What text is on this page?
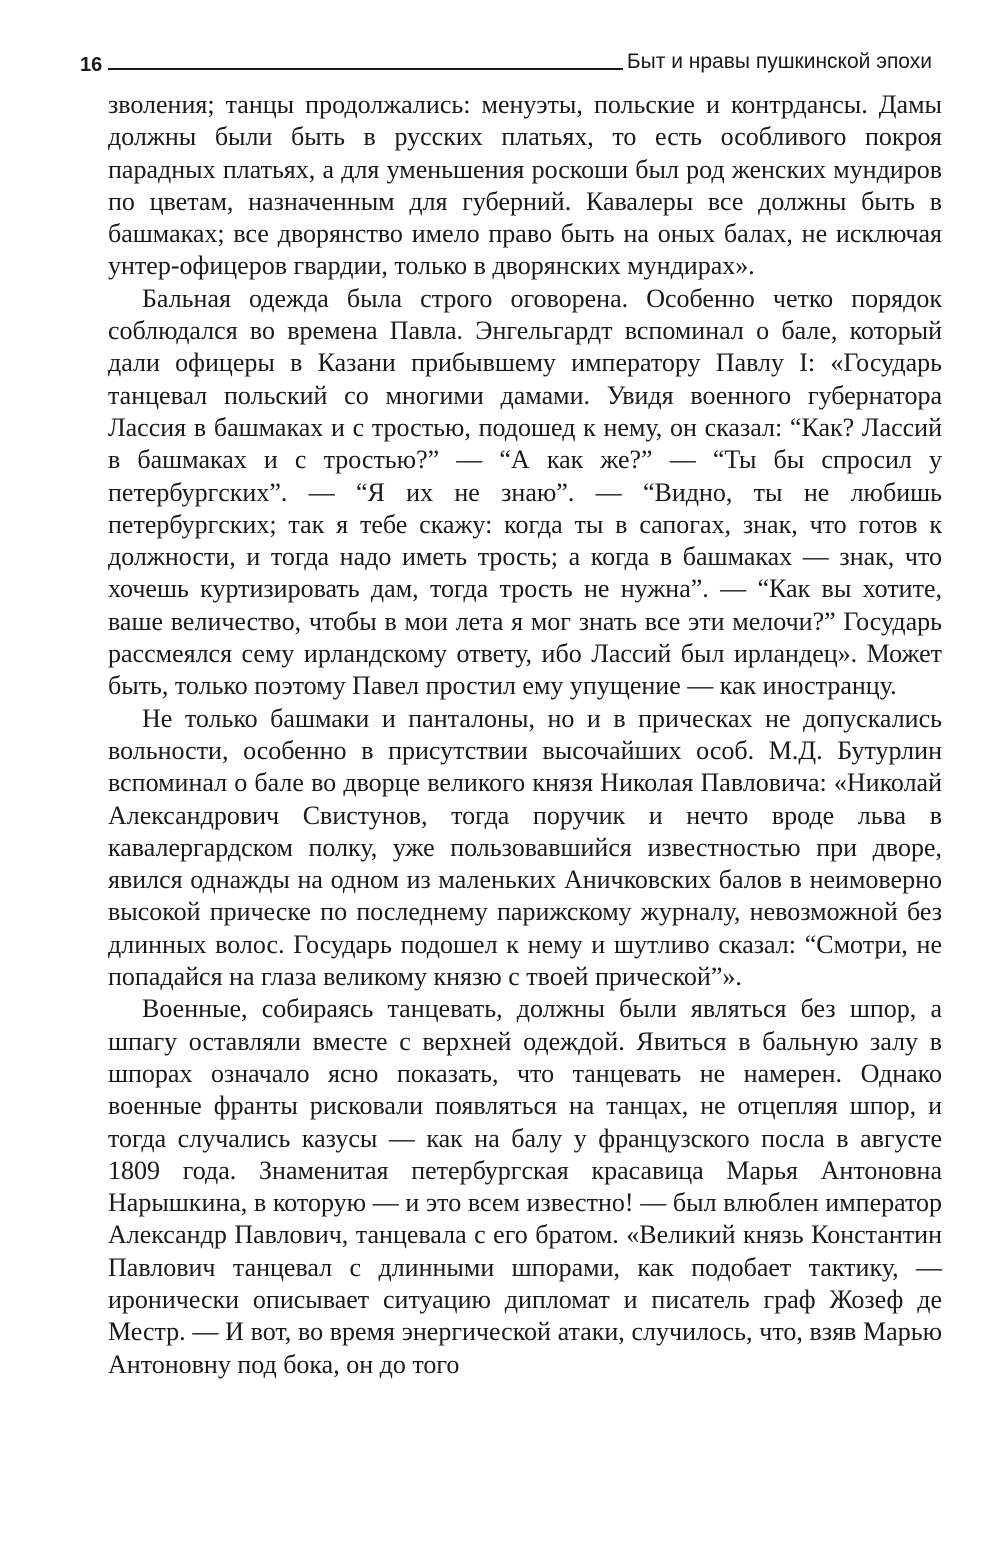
16	Быт и нравы пушкинской эпохи

зволения; танцы продолжались: менуэты, польские и контрдансы. Дамы должны были быть в русских платьях, то есть особливого покроя парадных платьях, а для уменьшения роскоши был род женских мундиров по цветам, назначенным для губерний. Кавалеры все должны быть в башмаках; все дворянство имело право быть на оных балах, не исключая унтер-офицеров гвардии, только в дворянских мундирах».

Бальная одежда была строго оговорена. Особенно четко порядок соблюдался во времена Павла. Энгельгардт вспоминал о бале, который дали офицеры в Казани прибывшему императору Павлу I: «Государь танцевал польский со многими дамами. Увидя военного губернатора Лассия в башмаках и с тростью, подошед к нему, он сказал: “Как? Лассий в башмаках и с тростью?” — “А как же?” — “Ты бы спросил у петербургских”. — “Я их не знаю”. — “Видно, ты не любишь петербургских; так я тебе скажу: когда ты в сапогах, знак, что готов к должности, и тогда надо иметь трость; а когда в башмаках — знак, что хочешь куртизировать дам, тогда трость не нужна”. — “Как вы хотите, ваше величество, чтобы в мои лета я мог знать все эти мелочи?” Государь рассмеялся сему ирландскому ответу, ибо Лассий был ирландец». Может быть, только поэтому Павел простил ему упущение — как иностранцу.

Не только башмаки и панталоны, но и в прическах не допускались вольности, особенно в присутствии высочайших особ. М.Д. Бутурлин вспоминал о бале во дворце великого князя Николая Павловича: «Николай Александрович Свистунов, тогда поручик и нечто вроде льва в кавалергардском полку, уже пользовавшийся известностью при дворе, явился однажды на одном из маленьких Аничковских балов в неимоверно высокой прическе по последнему парижскому журналу, невозможной без длинных волос. Государь подошел к нему и шутливо сказал: “Смотри, не попадайся на глаза великому князю с твоей прической”».

Военные, собираясь танцевать, должны были являться без шпор, а шпагу оставляли вместе с верхней одеждой. Явиться в бальную залу в шпорах означало ясно показать, что танцевать не намерен. Однако военные франты рисковали появляться на танцах, не отцепляя шпор, и тогда случались казусы — как на балу у французского посла в августе 1809 года. Знаменитая петербургская красавица Марья Антоновна Нарышкина, в которую — и это всем известно! — был влюблен император Александр Павлович, танцевала с его братом. «Великий князь Константин Павлович танцевал с длинными шпорами, как подобает тактику, — иронически описывает ситуацию дипломат и писатель граф Жозеф де Местр. — И вот, во время энергической атаки, случилось, что, взяв Марью Антоновну под бока, он до того
